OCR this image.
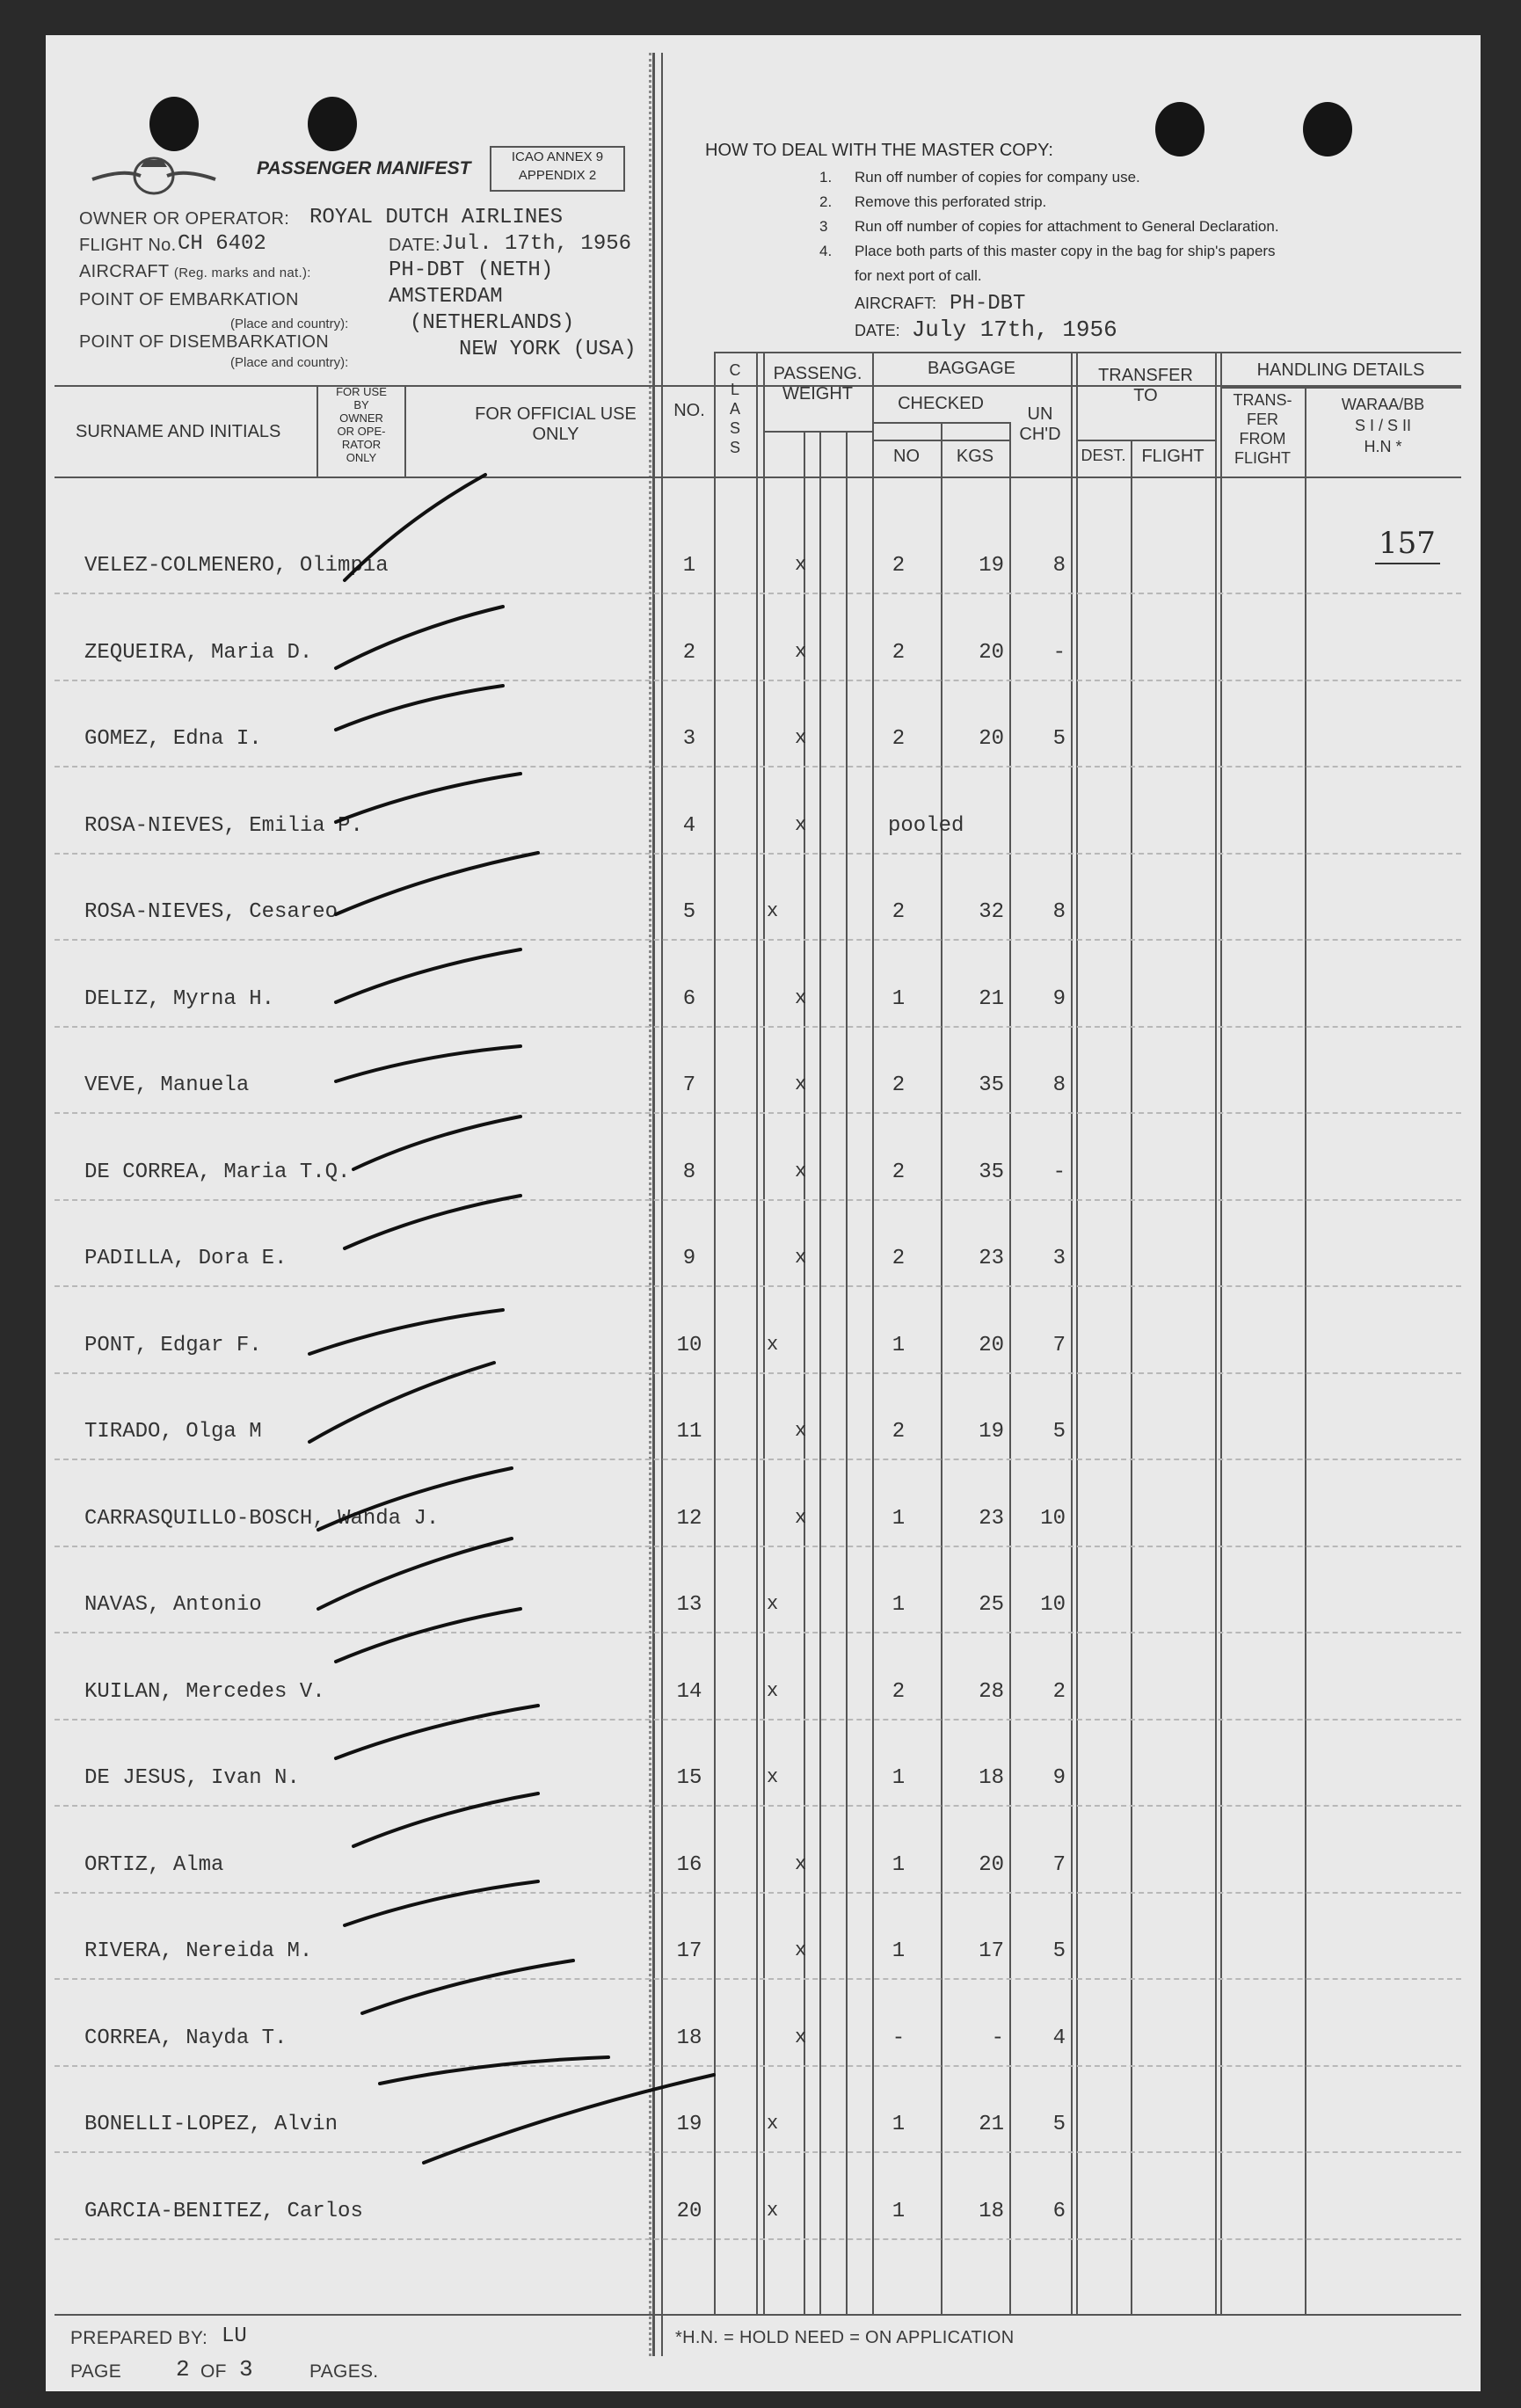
PASSENGER MANIFEST
ICAO ANNEX 9
APPENDIX 2
OWNER OR OPERATOR: ROYAL DUTCH AIRLINES
FLIGHT No. CH 6402	DATE: Jul. 17th, 1956
AIRCRAFT (Reg. marks and nat.):	PH-DBT (NETH)
POINT OF EMBARKATION	AMSTERDAM
(Place and country):	(NETHERLANDS)
POINT OF DISEMBARKATION	NEW YORK (USA)
(Place and country):
HOW TO DEAL WITH THE MASTER COPY:
1. Run off number of copies for company use.
2. Remove this perforated strip.
3 Run off number of copies for attachment to General Declaration.
4. Place both parts of this master copy in the bag for ship's papers
for next port of call.
AIRCRAFT: PH-DBT
DATE: July 17th, 1956
SURNAME AND INITIALS
FOR USE
BY
OWNER
OR OPE-
RATOR
ONLY
FOR OFFICIAL USE
ONLY
NO.
C
L
A
S
S
PASSENG.
WEIGHT
BAGGAGE
CHECKED
NO	KGS
UN
CH'D
TRANSFER
TO
DEST. FLIGHT
HANDLING DETAILS
TRANS-
FER
FROM
FLIGHT
WARAA/BB
S I / S II
H.N *
157
VELEZ-COLMENERO, Olimpia	1	x	2	19	8
ZEQUEIRA, Maria D.	2	x	2	20	-
GOMEZ, Edna I.	3	x	2	20	5
ROSA-NIEVES, Emilia P.	4	x	pooled
ROSA-NIEVES, Cesareo	5	x	2	32	8
DELIZ, Myrna H.	6	x	1	21	9
VEVE, Manuela	7	x	2	35	8
DE CORREA, Maria T.Q.	8	x	2	35	-
PADILLA, Dora E.	9	x	2	23	3
PONT, Edgar F.	10	x	1	20	7
TIRADO, Olga M	11	x	2	19	5
CARRASQUILLO-BOSCH, Wanda J.	12	x	1	23	10
NAVAS, Antonio	13	x	1	25	10
KUILAN, Mercedes V.	14	x	2	28	2
DE JESUS, Ivan N.	15	x	1	18	9
ORTIZ, Alma	16	x	1	20	7
RIVERA, Nereida M.	17	x	1	17	5
CORREA, Nayda T.	18	x	-	-	4
BONELLI-LOPEZ, Alvin	19	x	1	21	5
GARCIA-BENITEZ, Carlos	20	x	1	18	6
PREPARED BY: LU
PAGE 2 OF 3	PAGES.
*H.N. = HOLD NEED = ON APPLICATION
